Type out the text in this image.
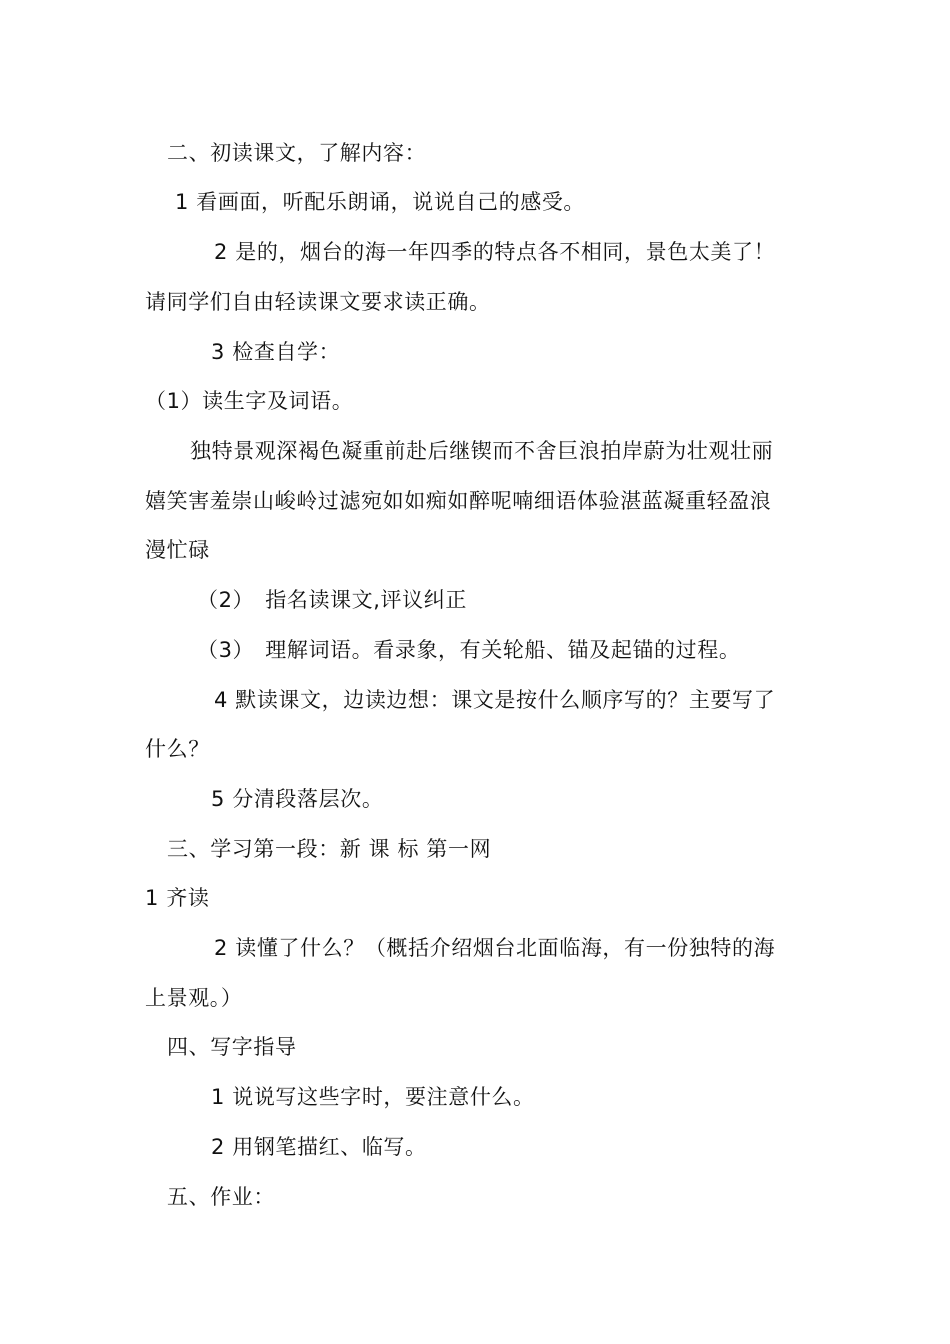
二、初读课文，了解内容：
1 看画面，听配乐朗诵，说说自己的感受。
2 是的，烟台的海一年四季的特点各不相同，景色太美了！
请同学们自由轻读课文要求读正确。
3 检查自学：
（1）读生字及词语。
独特景观深褐色凝重前赴后继锲而不舍巨浪拍岸蔚为壮观壮丽
嬉笑害羞崇山峻岭过滤宛如如痴如醉呢喃细语体验湛蓝凝重轻盈浪
漫忙碌
（2）　指名读课文,评议纠正
（3）　理解词语。看录象，有关轮船、锚及起锚的过程。
4 默读课文，边读边想：课文是按什么顺序写的？主要写了
什么？
5 分清段落层次。
三、学习第一段：新 课 标 第一网
1 齐读
2 读懂了什么？（概括介绍烟台北面临海，有一份独特的海
上景观。）
四、写字指导
1 说说写这些字时，要注意什么。
2 用钢笔描红、临写。
五、作业：
